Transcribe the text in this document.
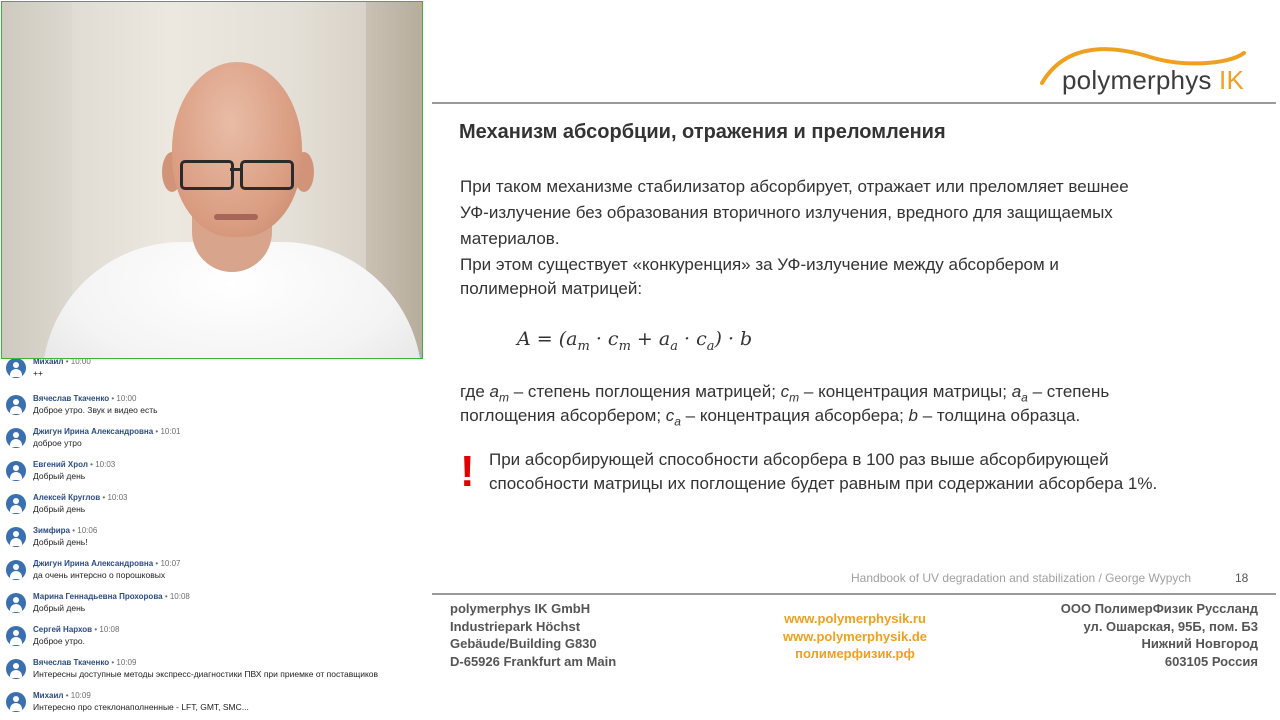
Михаил • 10:00
++
Вячеслав Ткаченко • 10:00
Доброе утро. Звук и видео есть
Джигун Ирина Александровна • 10:01
доброе утро
Евгений Хрол • 10:03
Добрый день
Алексей Круглов • 10:03
Добрый день
Зимфира • 10:06
Добрый день!
Джигун Ирина Александровна • 10:07
да очень интерсно о порошковых
Марина Геннадьевна Прохорова • 10:08
Добрый день
Сергей Нархов • 10:08
Доброе утро.
Вячеслав Ткаченко • 10:09
Интересны доступные методы экспресс-диагностики ПВХ при приемке от поставщиков
Михаил • 10:09
Интересно про стеклонаполненные - LFT, GMT, SMC...
polymerphys IK
Механизм абсорбции, отражения и преломления
При таком механизме стабилизатор абсорбирует, отражает или преломляет вешнее
УФ-излучение без образования вторичного излучения, вредного для защищаемых
материалов.
При этом существует «конкуренция» за УФ-излучение между абсорбером и
полимерной матрицей:
$A = (a_m \cdot c_m + a_a \cdot c_a) \cdot b$
где $a_m$ – степень поглощения матрицей; $c_m$ – концентрация матрицы; $a_a$ – степень
поглощения абсорбером; $c_a$ – концентрация абсорбера; b – толщина образца.
! При абсорбирующей способности абсорбера в 100 раз выше абсорбирующей
способности матрицы их поглощение будет равным при содержании абсорбера 1%.
Handbook of UV degradation and stabilization / George Wypych	18
polymerphys IK GmbH
Industriepark Höchst
Gebäude/Building G830
D-65926 Frankfurt am Main
www.polymerphysik.ru
www.polymerphysik.de
полимерфизик.рф
ООО ПолимерФизик Руссланд
ул. Ошарская, 95Б, пом. Б3
Нижний Новгород
603105 Россия
